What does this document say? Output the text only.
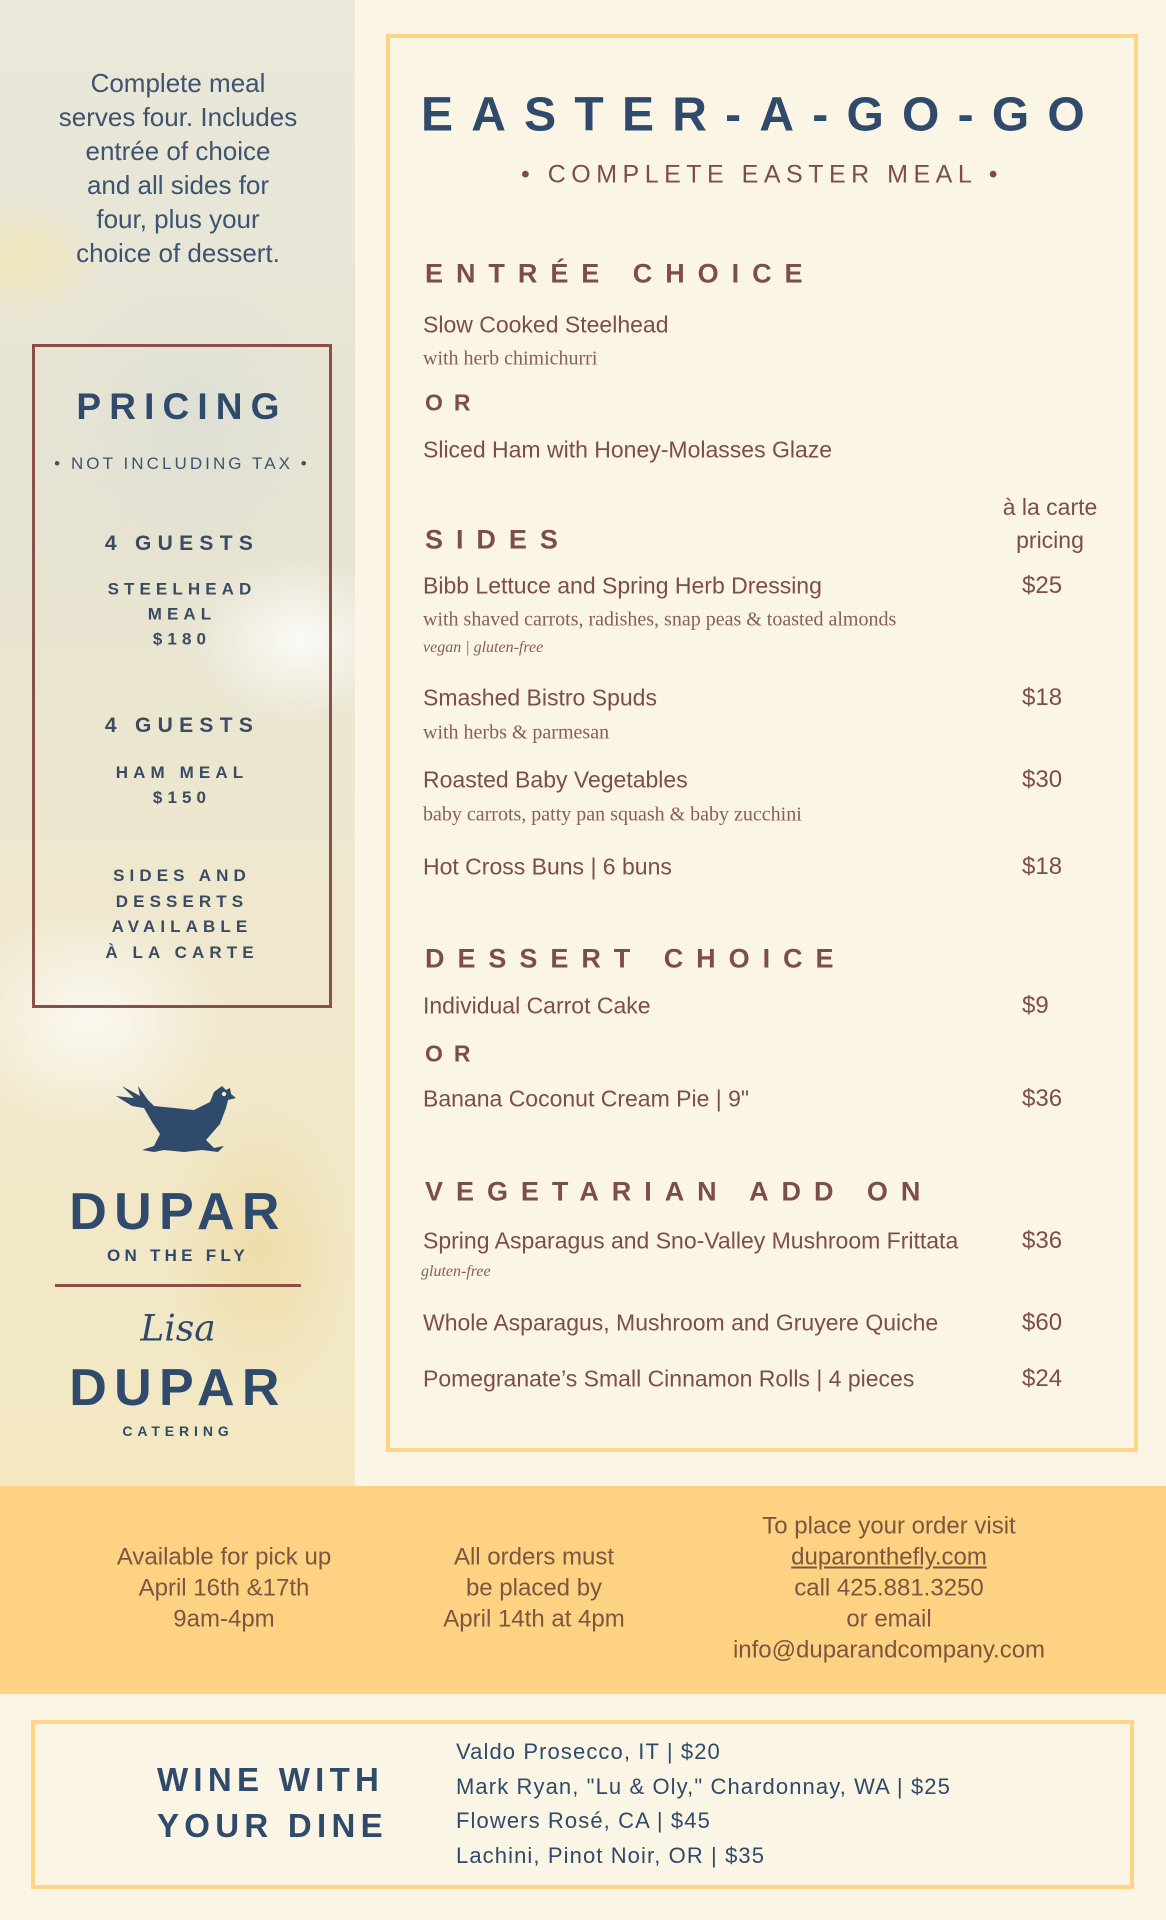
Complete meal
serves four. Includes
entrée of choice
and all sides for
four, plus your
choice of dessert.
PRICING
• NOT INCLUDING TAX •
4 GUESTS
STEELHEAD
MEAL
$180
4 GUESTS
HAM MEAL
$150
SIDES AND
DESSERTS
AVAILABLE
À LA CARTE
DUPAR
ON THE FLY
Lisa
DUPAR
CATERING
EASTER-A-GO-GO
• COMPLETE EASTER MEAL •
ENTRÉE CHOICE
Slow Cooked Steelhead
with herb chimichurri
OR
Sliced Ham with Honey-Molasses Glaze
SIDES
à la carte
pricing
Bibb Lettuce and Spring Herb Dressing	$25
with shaved carrots, radishes, snap peas & toasted almonds
vegan | gluten-free
Smashed Bistro Spuds	$18
with herbs & parmesan
Roasted Baby Vegetables	$30
baby carrots, patty pan squash & baby zucchini
Hot Cross Buns | 6 buns	$18
DESSERT CHOICE
Individual Carrot Cake	$9
OR
Banana Coconut Cream Pie | 9"	$36
VEGETARIAN ADD ON
Spring Asparagus and Sno-Valley Mushroom Frittata	$36
gluten-free
Whole Asparagus, Mushroom and Gruyere Quiche	$60
Pomegranate’s Small Cinnamon Rolls | 4 pieces	$24
Available for pick up
April 16th &17th
9am-4pm
All orders must
be placed by
April 14th at 4pm
To place your order visit
duparonthefly.com
call 425.881.3250
or email
info@duparandcompany.com
WINE WITH
YOUR DINE
Valdo Prosecco, IT | $20
Mark Ryan, "Lu & Oly," Chardonnay, WA | $25
Flowers Rosé, CA | $45
Lachini, Pinot Noir, OR | $35
